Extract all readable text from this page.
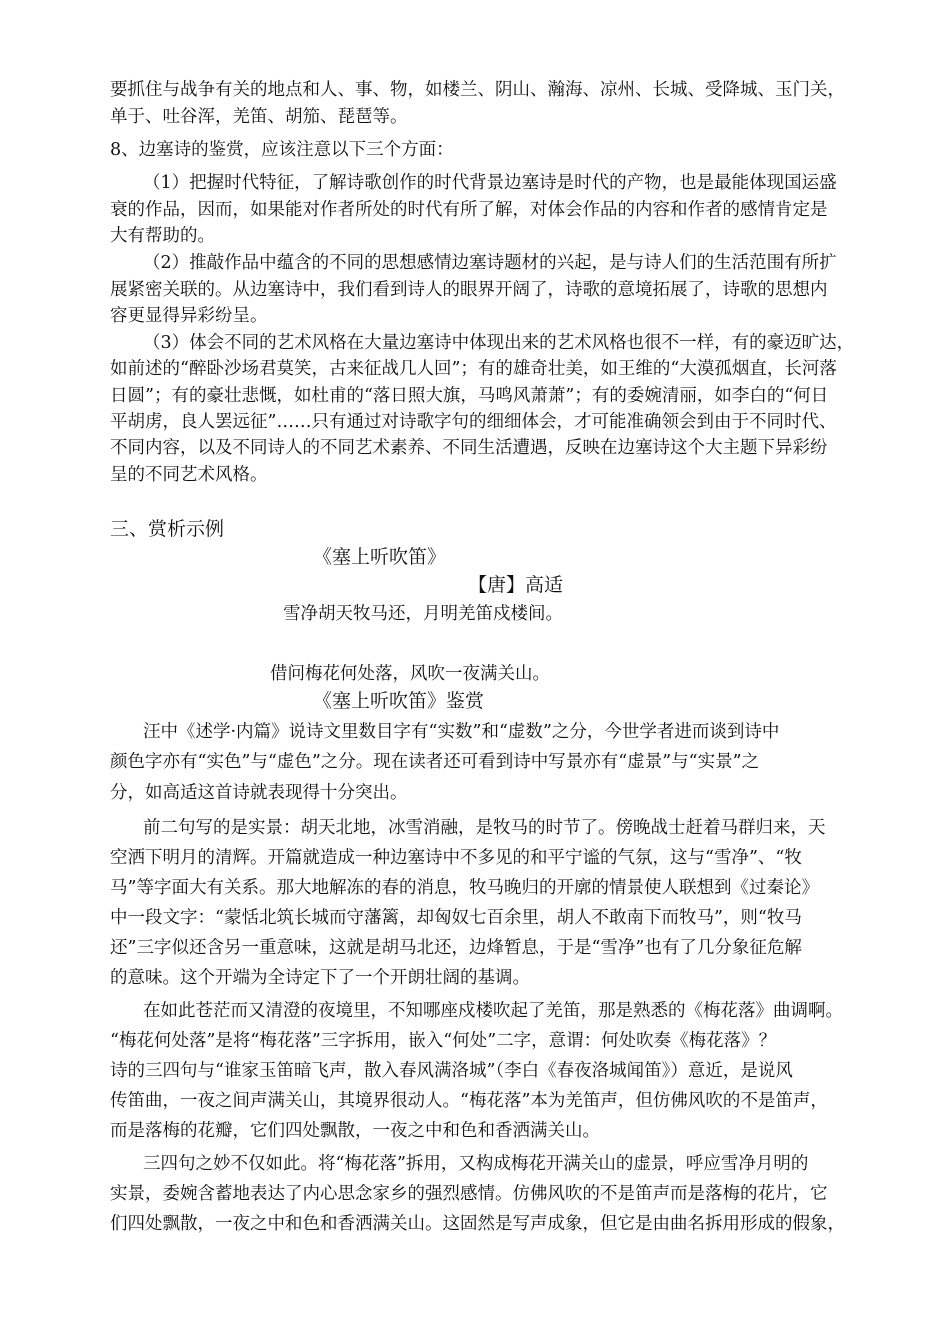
要抓住与战争有关的地点和人、事、物，如楼兰、阴山、瀚海、凉州、长城、受降城、玉门关，
单于、吐谷浑，羌笛、胡笳、琵琶等。
8、边塞诗的鉴赏，应该注意以下三个方面：
（1）把握时代特征，了解诗歌创作的时代背景边塞诗是时代的产物，也是最能体现国运盛
衰的作品，因而，如果能对作者所处的时代有所了解，对体会作品的内容和作者的感情肯定是
大有帮助的。
（2）推敲作品中蕴含的不同的思想感情边塞诗题材的兴起，是与诗人们的生活范围有所扩
展紧密关联的。从边塞诗中，我们看到诗人的眼界开阔了，诗歌的意境拓展了，诗歌的思想内
容更显得异彩纷呈。
（3）体会不同的艺术风格在大量边塞诗中体现出来的艺术风格也很不一样，有的豪迈旷达，
如前述的“醉卧沙场君莫笑，古来征战几人回”；有的雄奇壮美，如王维的“大漠孤烟直，长河落
日圆”；有的豪壮悲慨，如杜甫的“落日照大旗，马鸣风萧萧”；有的委婉清丽，如李白的“何日
平胡虏，良人罢远征”……只有通过对诗歌字句的细细体会，才可能准确领会到由于不同时代、
不同内容，以及不同诗人的不同艺术素养、不同生活遭遇，反映在边塞诗这个大主题下异彩纷
呈的不同艺术风格。
三、赏析示例
《塞上听吹笛》
【唐】高适
雪净胡天牧马还，月明羌笛戍楼间。
借问梅花何处落，风吹一夜满关山。
《塞上听吹笛》鉴赏
汪中《述学·内篇》说诗文里数目字有“实数”和“虚数”之分，今世学者进而谈到诗中
颜色字亦有“实色”与“虚色”之分。现在读者还可看到诗中写景亦有“虚景”与“实景”之
分，如高适这首诗就表现得十分突出。
前二句写的是实景：胡天北地，冰雪消融，是牧马的时节了。傍晚战士赶着马群归来，天
空洒下明月的清辉。开篇就造成一种边塞诗中不多见的和平宁谧的气氛，这与“雪净”、“牧
马”等字面大有关系。那大地解冻的春的消息，牧马晚归的开廓的情景使人联想到《过秦论》
中一段文字：“蒙恬北筑长城而守藩篱，却匈奴七百余里，胡人不敢南下而牧马”，则“牧马
还”三字似还含另一重意味，这就是胡马北还，边烽暂息，于是“雪净”也有了几分象征危解
的意味。这个开端为全诗定下了一个开朗壮阔的基调。
在如此苍茫而又清澄的夜境里，不知哪座戍楼吹起了羌笛，那是熟悉的《梅花落》曲调啊。
“梅花何处落”是将“梅花落”三字拆用，嵌入“何处”二字，意谓：何处吹奏《梅花落》？
诗的三四句与“谁家玉笛暗飞声，散入春风满洛城”（李白《春夜洛城闻笛》）意近，是说风
传笛曲，一夜之间声满关山，其境界很动人。“梅花落”本为羌笛声，但仿佛风吹的不是笛声，
而是落梅的花瓣，它们四处飘散，一夜之中和色和香洒满关山。
三四句之妙不仅如此。将“梅花落”拆用，又构成梅花开满关山的虚景，呼应雪净月明的
实景，委婉含蓄地表达了内心思念家乡的强烈感情。仿佛风吹的不是笛声而是落梅的花片，它
们四处飘散，一夜之中和色和香洒满关山。这固然是写声成象，但它是由曲名拆用形成的假象，
